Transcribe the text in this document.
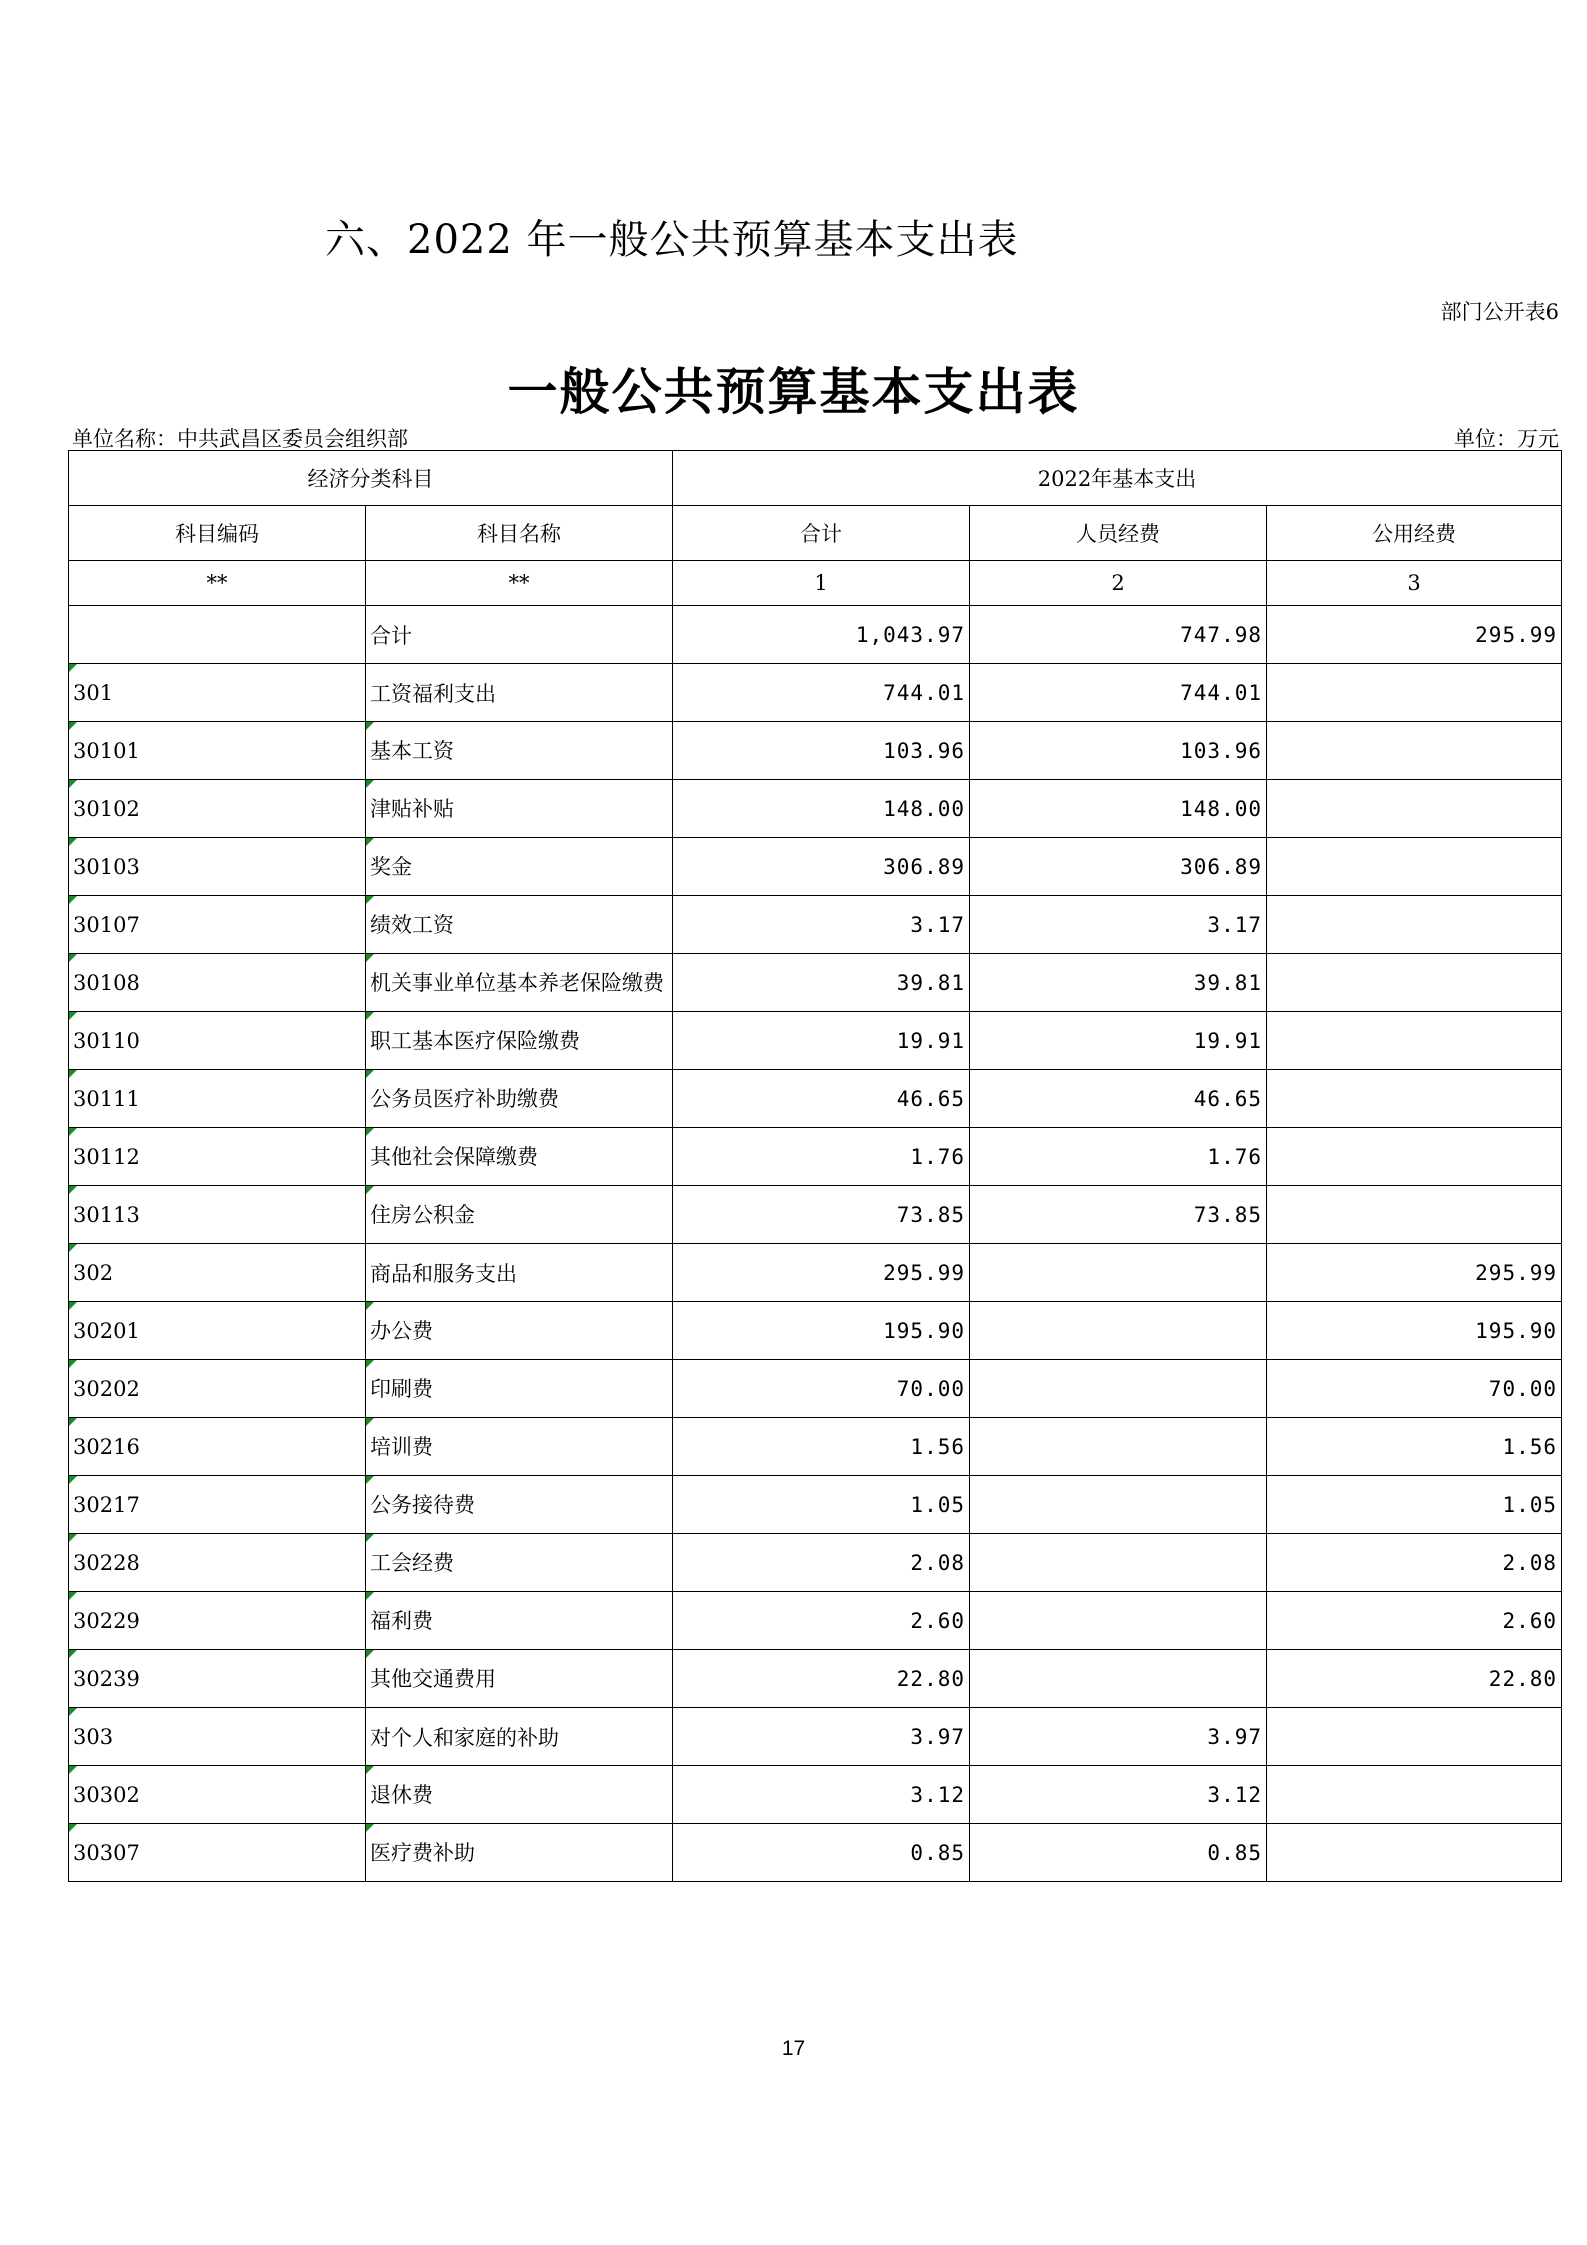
六、2022 年一般公共预算基本支出表
部门公开表6
一般公共预算基本支出表
单位名称：中共武昌区委员会组织部	单位：万元
经济分类科目		2022年基本支出		
科目编码	科目名称	合计	人员经费	公用经费
**	**	1	2	3
	合计	1,043.97	747.98	295.99

301	工资福利支出	744.01	744.01	

30101	基本工资	103.96	103.96	

30102	津贴补贴	148.00	148.00	

30103	奖金	306.89	306.89	

30107	绩效工资	3.17	3.17	

30108	机关事业单位基本养老保险缴费	39.81	39.81	

30110	职工基本医疗保险缴费	19.91	19.91	

30111	公务员医疗补助缴费	46.65	46.65	

30112	其他社会保障缴费	1.76	1.76	

30113	住房公积金	73.85	73.85	

302	商品和服务支出	295.99		295.99

30201	办公费	195.90		195.90

30202	印刷费	70.00		70.00

30216	培训费	1.56		1.56

30217	公务接待费	1.05		1.05

30228	工会经费	2.08		2.08

30229	福利费	2.60		2.60

30239	其他交通费用	22.80		22.80

303	对个人和家庭的补助	3.97	3.97	

30302	退休费	3.12	3.12	

30307	医疗费补助	0.85	0.85	
17
